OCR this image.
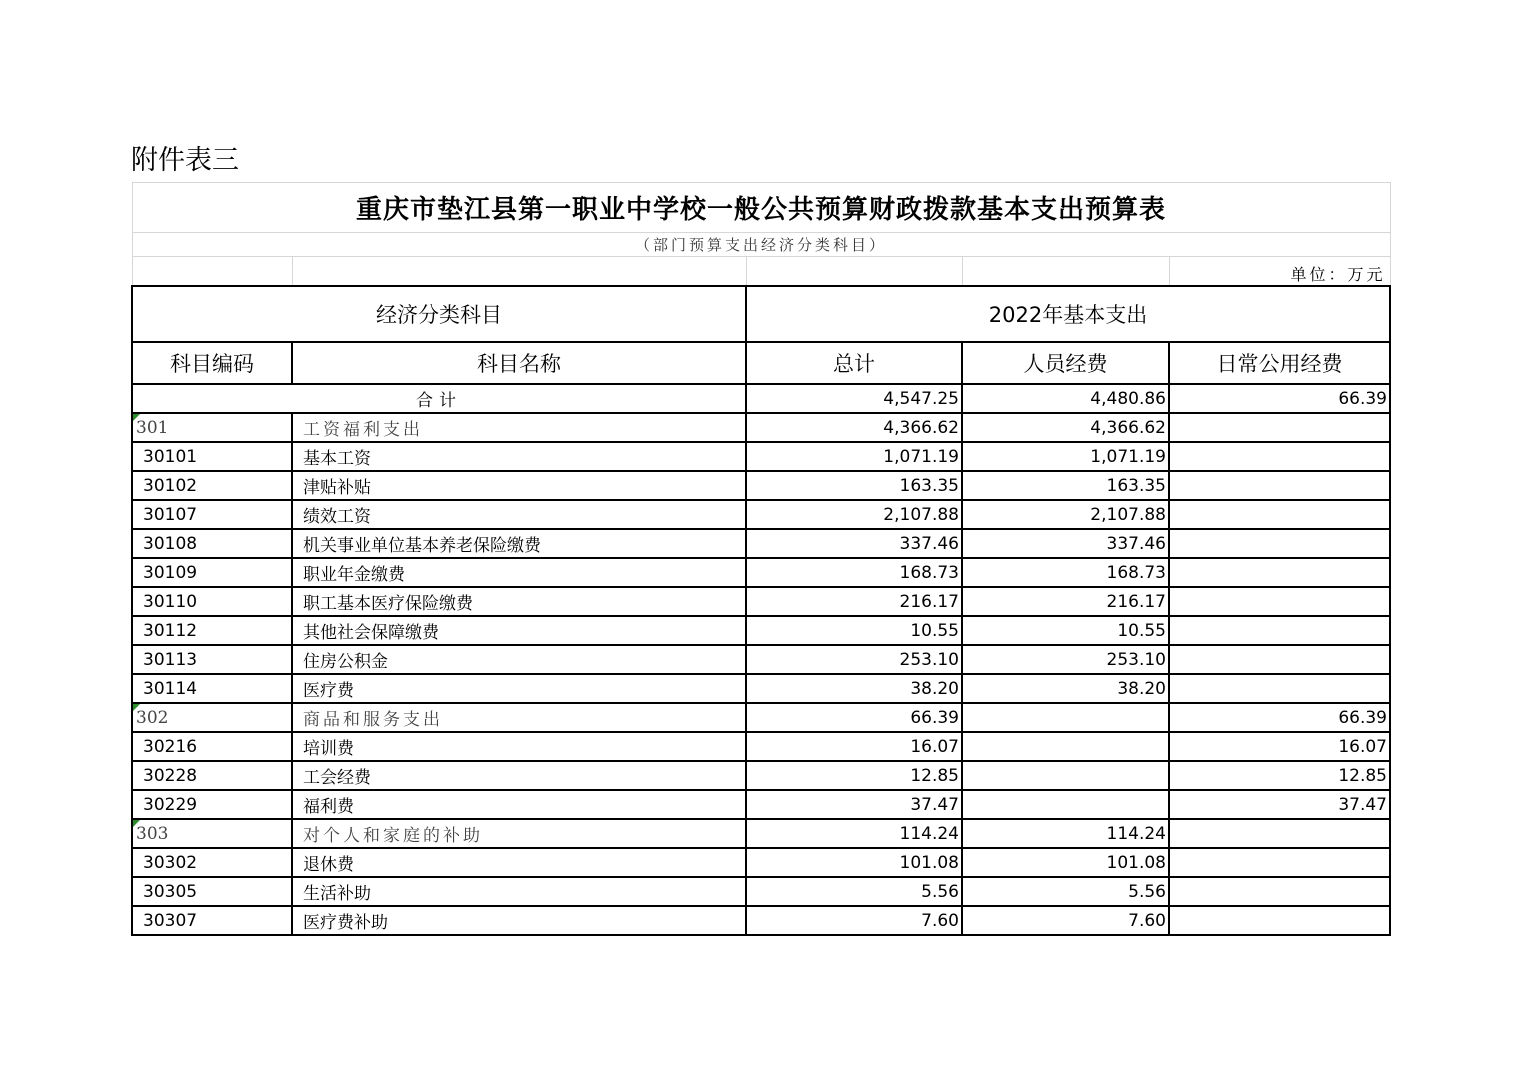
附件表三
重庆市垫江县第一职业中学校一般公共预算财政拨款基本支出预算表				
（部门预算支出经济分类科目）				
				单位：万元
经济分类科目		2022年基本支出		
科目编码	科目名称	总计	人员经费	日常公用经费
合计		4,547.25	4,480.86	66.39

301	工资福利支出	4,366.62	4,366.62	
30101	基本工资	1,071.19	1,071.19	
30102	津贴补贴	163.35	163.35	
30107	绩效工资	2,107.88	2,107.88	
30108	机关事业单位基本养老保险缴费	337.46	337.46	
30109	职业年金缴费	168.73	168.73	
30110	职工基本医疗保险缴费	216.17	216.17	
30112	其他社会保障缴费	10.55	10.55	
30113	住房公积金	253.10	253.10	
30114	医疗费	38.20	38.20	

302	商品和服务支出	66.39		66.39
30216	培训费	16.07		16.07
30228	工会经费	12.85		12.85
30229	福利费	37.47		37.47

303	对个人和家庭的补助	114.24	114.24	
30302	退休费	101.08	101.08	
30305	生活补助	5.56	5.56	
30307	医疗费补助	7.60	7.60	
